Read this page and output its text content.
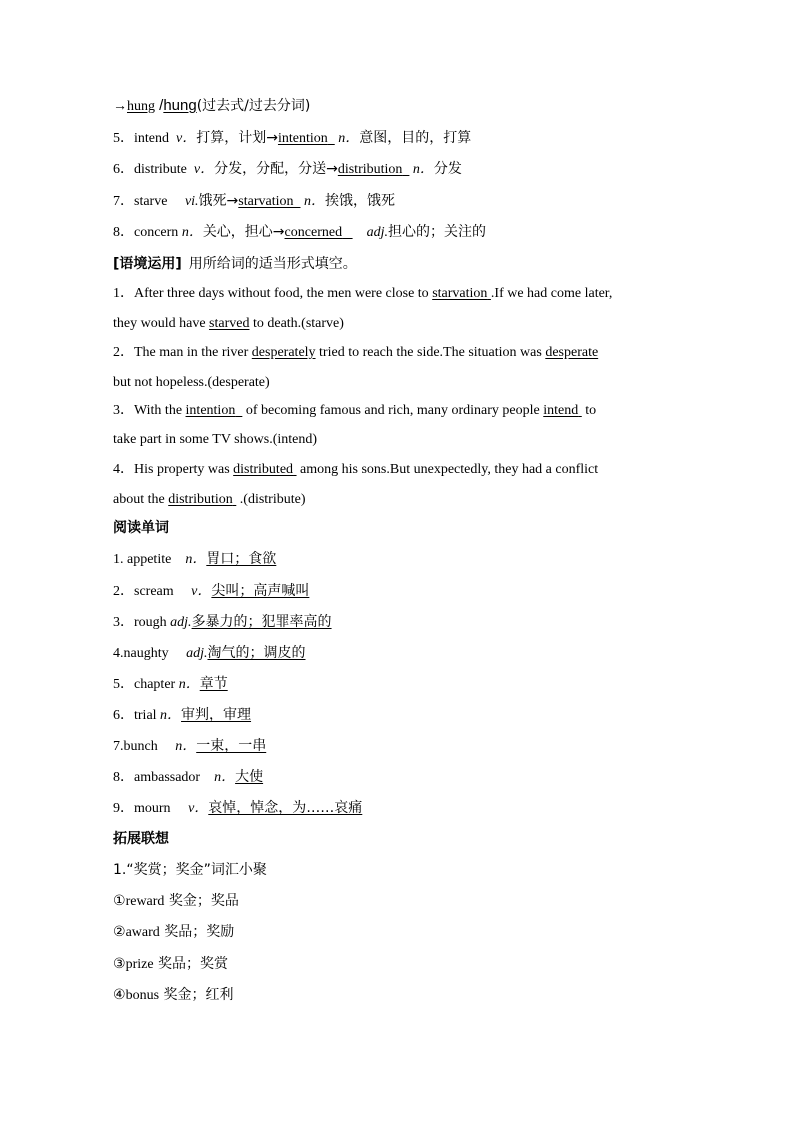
→hung /hung(过去式/过去分词)
5．intend v．打算，计划→intention n．意图，目的，打算
6．distribute v．分发，分配，分送→distribution n．分发
7．starve vi.饿死→starvation n．挨饿，饿死
8．concern n．关心，担心→concerned adj.担心的；关注的
[语境运用] 用所给词的适当形式填空。
1．After three days without food, the men were close to starvation .If we had come later,
they would have starved to death.(starve)
2．The man in the river desperately tried to reach the side.The situation was desperate
but not hopeless.(desperate)
3．With the intention   of becoming famous and rich, many ordinary people intend  to
take part in some TV shows.(intend)
4．His property was distributed  among his sons.But unexpectedly, they had a conflict
about the distribution  .(distribute)
阅读单词
1. appetite n．胃口；食欲
2．scream v．尖叫；高声喊叫
3．rough adj.多暴力的；犯罪率高的
4.naughty adj.淘气的；调皮的
5．chapter n．章节
6．trial n．审判，审理
7.bunch n．一束，一串
8．ambassador n．大使
9．mourn v．哀悼，悼念，为……哀痛
拓展联想
1.“奖赏；奖金”词汇小聚
①reward 奖金；奖品
②award 奖品；奖励
③prize 奖品；奖赏
④bonus 奖金；红利
